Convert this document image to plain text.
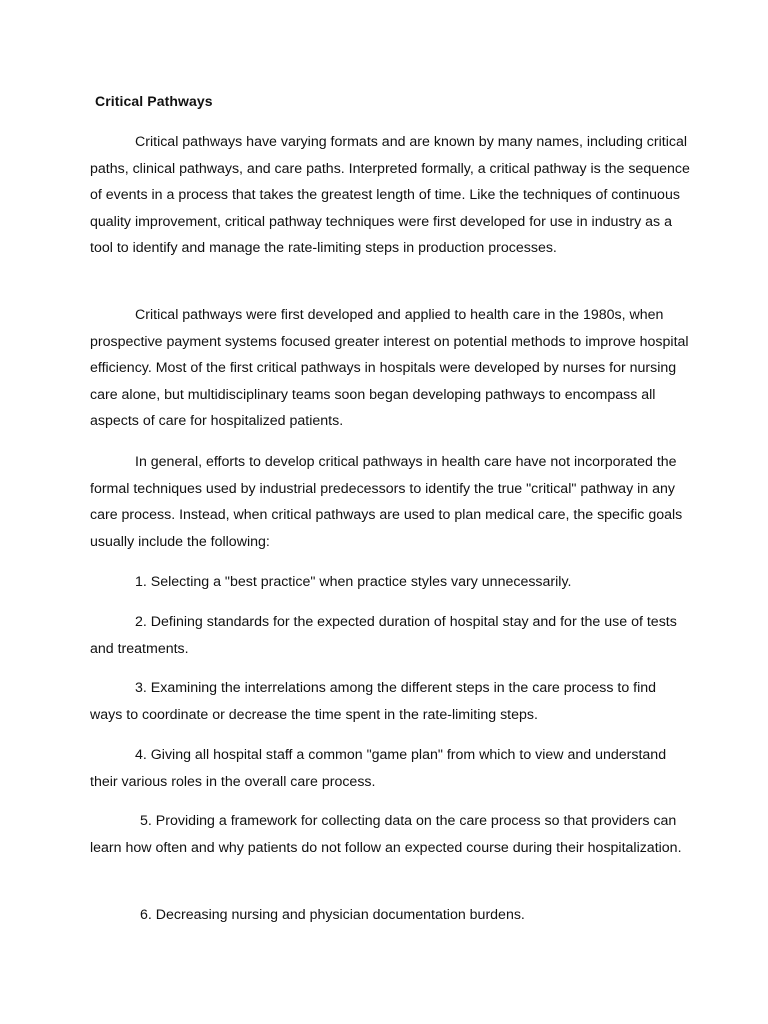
Critical Pathways

Critical pathways have varying formats and are known by many names, including critical paths, clinical pathways, and care paths. Interpreted formally, a critical pathway is the sequence of events in a process that takes the greatest length of time. Like the techniques of continuous quality improvement, critical pathway techniques were first developed for use in industry as a tool to identify and manage the rate-limiting steps in production processes.

Critical pathways were first developed and applied to health care in the 1980s, when prospective payment systems focused greater interest on potential methods to improve hospital efficiency. Most of the first critical pathways in hospitals were developed by nurses for nursing care alone, but multidisciplinary teams soon began developing pathways to encompass all aspects of care for hospitalized patients.

In general, efforts to develop critical pathways in health care have not incorporated the formal techniques used by industrial predecessors to identify the true "critical" pathway in any care process. Instead, when critical pathways are used to plan medical care, the specific goals usually include the following:

1. Selecting a "best practice" when practice styles vary unnecessarily.

2. Defining standards for the expected duration of hospital stay and for the use of tests and treatments.

3. Examining the interrelations among the different steps in the care process to find ways to coordinate or decrease the time spent in the rate-limiting steps.

4. Giving all hospital staff a common "game plan" from which to view and understand their various roles in the overall care process.

5. Providing a framework for collecting data on the care process so that providers can learn how often and why patients do not follow an expected course during their hospitalization.

6. Decreasing nursing and physician documentation burdens.
